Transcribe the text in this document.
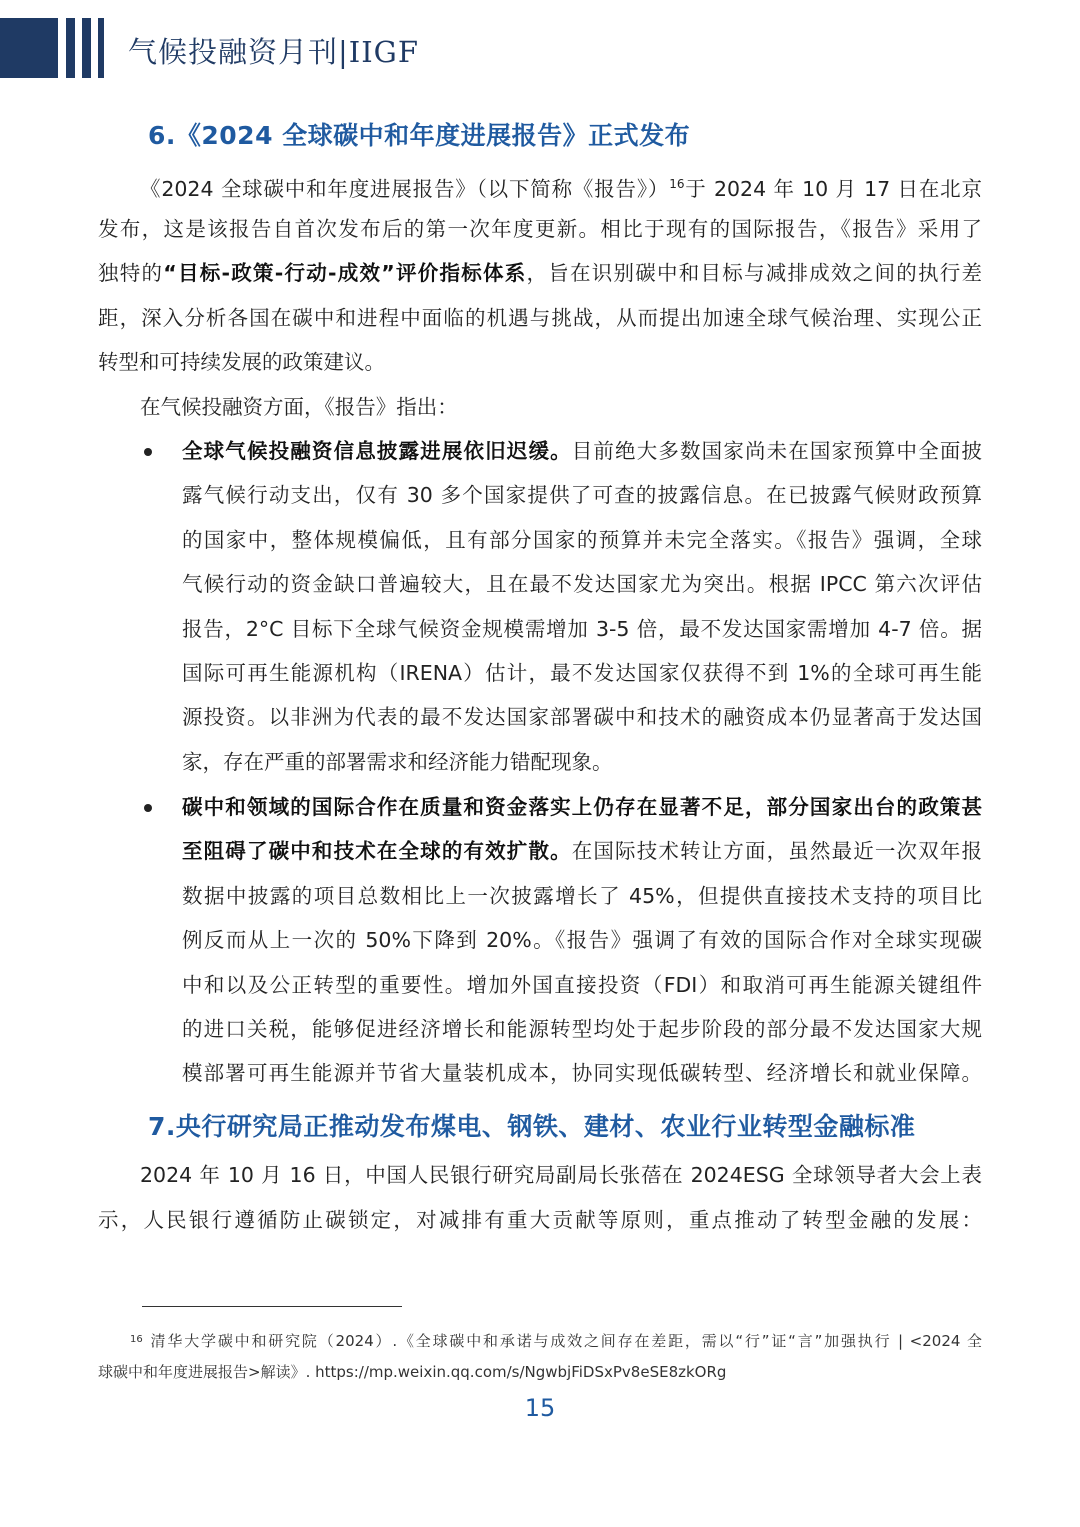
气候投融资月刊|IIGF
6.《2024 全球碳中和年度进展报告》正式发布
《2024 全球碳中和年度进展报告》（以下简称《报告》）$^{16}$于 2024 年 10 月 17 日在北京
发布，这是该报告自首次发布后的第一次年度更新。相比于现有的国际报告，《报告》采用了
独特的“目标-政策-行动-成效”评价指标体系，旨在识别碳中和目标与减排成效之间的执行差
距，深入分析各国在碳中和进程中面临的机遇与挑战，从而提出加速全球气候治理、实现公正
转型和可持续发展的政策建议。
在气候投融资方面，《报告》指出：
全球气候投融资信息披露进展依旧迟缓。目前绝大多数国家尚未在国家预算中全面披
露气候行动支出，仅有 30 多个国家提供了可查的披露信息。在已披露气候财政预算
的国家中，整体规模偏低，且有部分国家的预算并未完全落实。《报告》强调，全球
气候行动的资金缺口普遍较大，且在最不发达国家尤为突出。根据 IPCC 第六次评估
报告，2°C 目标下全球气候资金规模需增加 3-5 倍，最不发达国家需增加 4-7 倍。据
国际可再生能源机构（IRENA）估计，最不发达国家仅获得不到 1%的全球可再生能
源投资。以非洲为代表的最不发达国家部署碳中和技术的融资成本仍显著高于发达国
家，存在严重的部署需求和经济能力错配现象。
碳中和领域的国际合作在质量和资金落实上仍存在显著不足，部分国家出台的政策甚
至阻碍了碳中和技术在全球的有效扩散。在国际技术转让方面，虽然最近一次双年报
数据中披露的项目总数相比上一次披露增长了 45%，但提供直接技术支持的项目比
例反而从上一次的 50%下降到 20%。《报告》强调了有效的国际合作对全球实现碳
中和以及公正转型的重要性。增加外国直接投资（FDI）和取消可再生能源关键组件
的进口关税，能够促进经济增长和能源转型均处于起步阶段的部分最不发达国家大规
模部署可再生能源并节省大量装机成本，协同实现低碳转型、经济增长和就业保障。
7.央行研究局正推动发布煤电、钢铁、建材、农业行业转型金融标准
2024 年 10 月 16 日，中国人民银行研究局副局长张蓓在 2024ESG 全球领导者大会上表
示，人民银行遵循防止碳锁定，对减排有重大贡献等原则，重点推动了转型金融的发展：
$^{16}$ 清华大学碳中和研究院（2024）.《全球碳中和承诺与成效之间存在差距，需以“行”证“言”加强执行 | <2024 全
球碳中和年度进展报告>解读》. https://mp.weixin.qq.com/s/NgwbjFiDSxPv8eSE8zkORg
15
